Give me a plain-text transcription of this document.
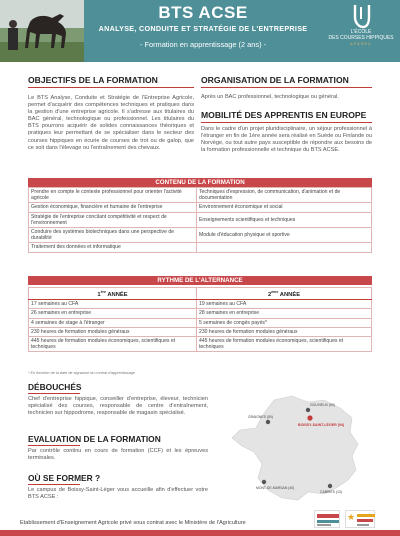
BTS ACSE
ANALYSE, CONDUITE ET STRATÉGIE DE L'ENTREPRISE
- Formation en apprentissage (2 ans) -
L'ÉCOLE
DES COURSES HIPPIQUES
AFASEC
OBJECTIFS DE LA FORMATION
Le BTS Analyse, Conduite et Stratégie de l'Entreprise Agricole, permet d'acquérir des compétences techniques et pratiques dans la gestion d'une entreprise agricole. Il s'adresse aux titulaires du BAC général, technologique ou professionnel. Les titulaires du BTS pourrons acquérir de solides connaissances théoriques et pratiques leur permettant de se spécialiser dans le secteur des courses hippiques en écurie de courses de trot ou de galop, que ce soit dans l'élevage ou l'entraînement des chevaux.
ORGANISATION DE LA FORMATION
Après un BAC professionnel, technologique ou général.
MOBILITÉ DES APPRENTIS EN EUROPE
Dans le cadre d'un projet pluridisciplinaire, un séjour professionnel à l'étranger en fin de 1ère année sera réalisé en Suède ou Finlande ou Norvège, ou tout autre pays susceptible de répondre aux besoins de la formation professionnelle et technique du BTS ACSE.
CONTENU DE LA FORMATION
Prendre en compte le contexte professionnel pour orienter l'activité agricole	Techniques d'expression, de communication, d'animation et de documentation
Gestion économique, financière et humaine de l'entreprise	Environnement économique et social
Stratégie de l'entreprise concilant compétitivité et respect de l'environnement	Enseignements scientifiques et techniques
Conduire des systèmes biotechniques dans une perspective de durabilité	Module d'éducation physique et sportive
Traitement des données et informatique	
RYTHME DE L'ALTERNANCE
1ère ANNÉE	2ème ANNÉE
17 semaines au CFA	19 semaines au CFA
26 semaines en entreprise	28 semaines en entreprise
4 semaines de stage à l'étranger	5 semaines de congés payés*
230 heures de formation modules généraux	230 heures de formation modules généraux
445 heures de formation modules économiques, scientifiques et techniques	445 heures de formation modules économiques, scientifiques et techniques
* En fonction de la date de signature du contrat d'apprentissage
DÉBOUCHÉS
Chef d'entreprise hippique, conseiller d'entreprise, éleveur, technicien spécialisé des courses, responsable de centre d'entraînement, technicien sur hippodrome, responsable de magasin spécialisé.
EVALUATION DE LA FORMATION
Par contrôle continu en cours de formation (CCF) et les épreuves terminales.
OÙ SE FORMER ?
Le campus de Boissy-Saint-Léger vous accueille afin d'effectuer votre BTS ACSE :
GRAIGNES (50)
GOUVIEUX (60)
BOISSY-SAINT-LÉGER (94)
MONT-DE-MARSAN (40)
CABRIÈS (13)
Etablissement d'Enseignement Agricole privé sous contrat avec le Ministère de l'Agriculture
★
